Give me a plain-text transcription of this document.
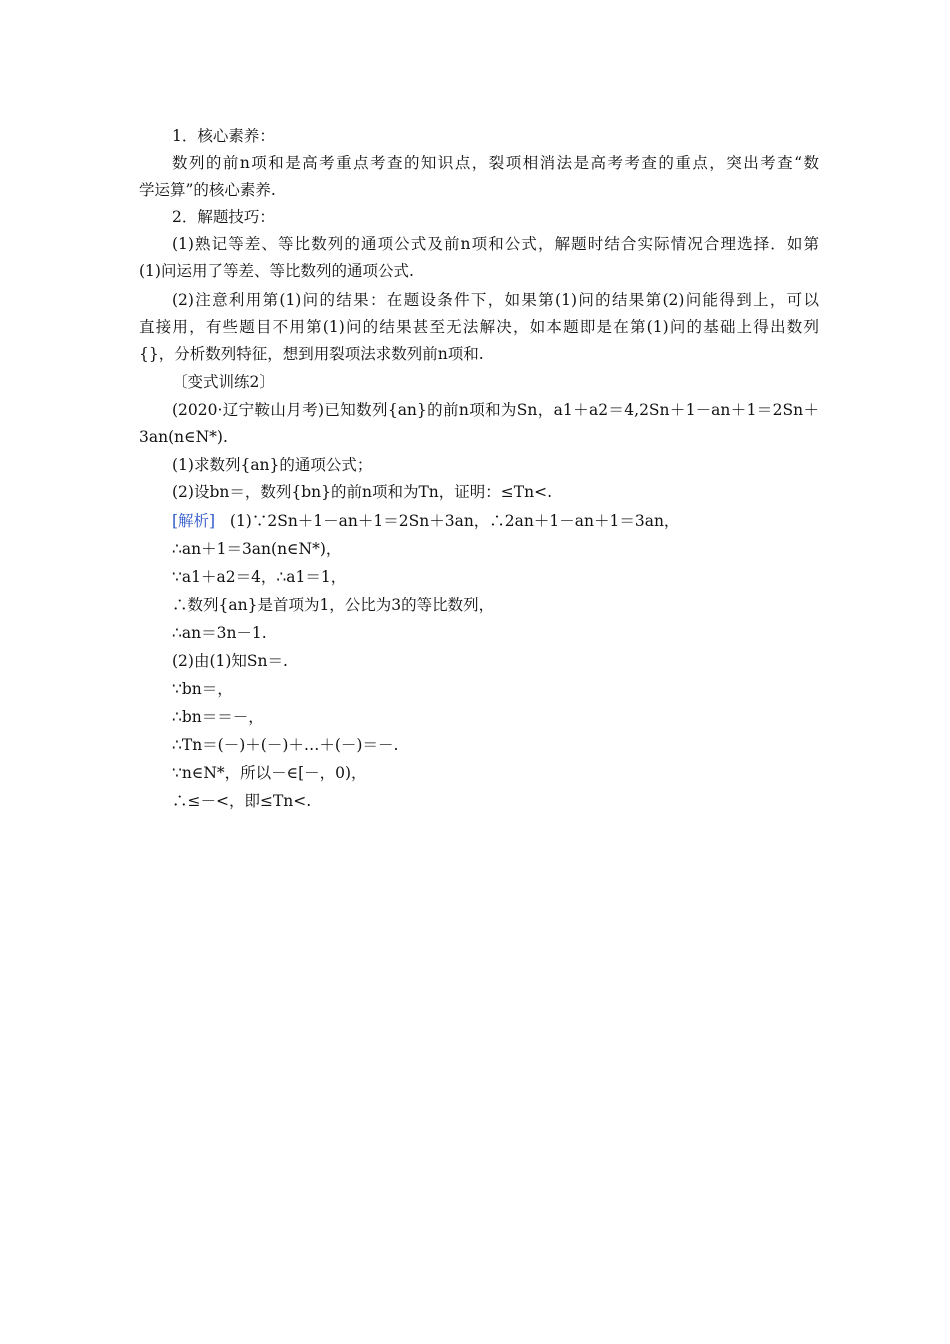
1．核心素养：
数列的前n项和是高考重点考查的知识点，裂项相消法是高考考查的重点，突出考查“数
学运算”的核心素养.
2．解题技巧：
(1)熟记等差、等比数列的通项公式及前n项和公式，解题时结合实际情况合理选择．如第
(1)问运用了等差、等比数列的通项公式.
(2)注意利用第(1)问的结果：在题设条件下，如果第(1)问的结果第(2)问能得到上，可以
直接用，有些题目不用第(1)问的结果甚至无法解决，如本题即是在第(1)问的基础上得出数列
{}，分析数列特征，想到用裂项法求数列前n项和.
〔变式训练2〕
(2020·辽宁鞍山月考)已知数列{an}的前n项和为Sn，a1＋a2＝4,2Sn＋1－an＋1＝2Sn＋
3an(n∈N*).
(1)求数列{an}的通项公式；
(2)设bn＝，数列{bn}的前n项和为Tn，证明：≤Tn<.
[解析] (1)∵2Sn＋1－an＋1＝2Sn＋3an，∴2an＋1－an＋1＝3an，
∴an＋1＝3an(n∈N*)，
∵a1＋a2＝4，∴a1＝1，
∴数列{an}是首项为1，公比为3的等比数列，
∴an＝3n－1.
(2)由(1)知Sn＝.
∵bn＝，
∴bn＝＝－，
∴Tn＝(－)＋(－)＋…＋(－)＝－.
∵n∈N*，所以－∈[－，0)，
∴≤－<，即≤Tn<.
